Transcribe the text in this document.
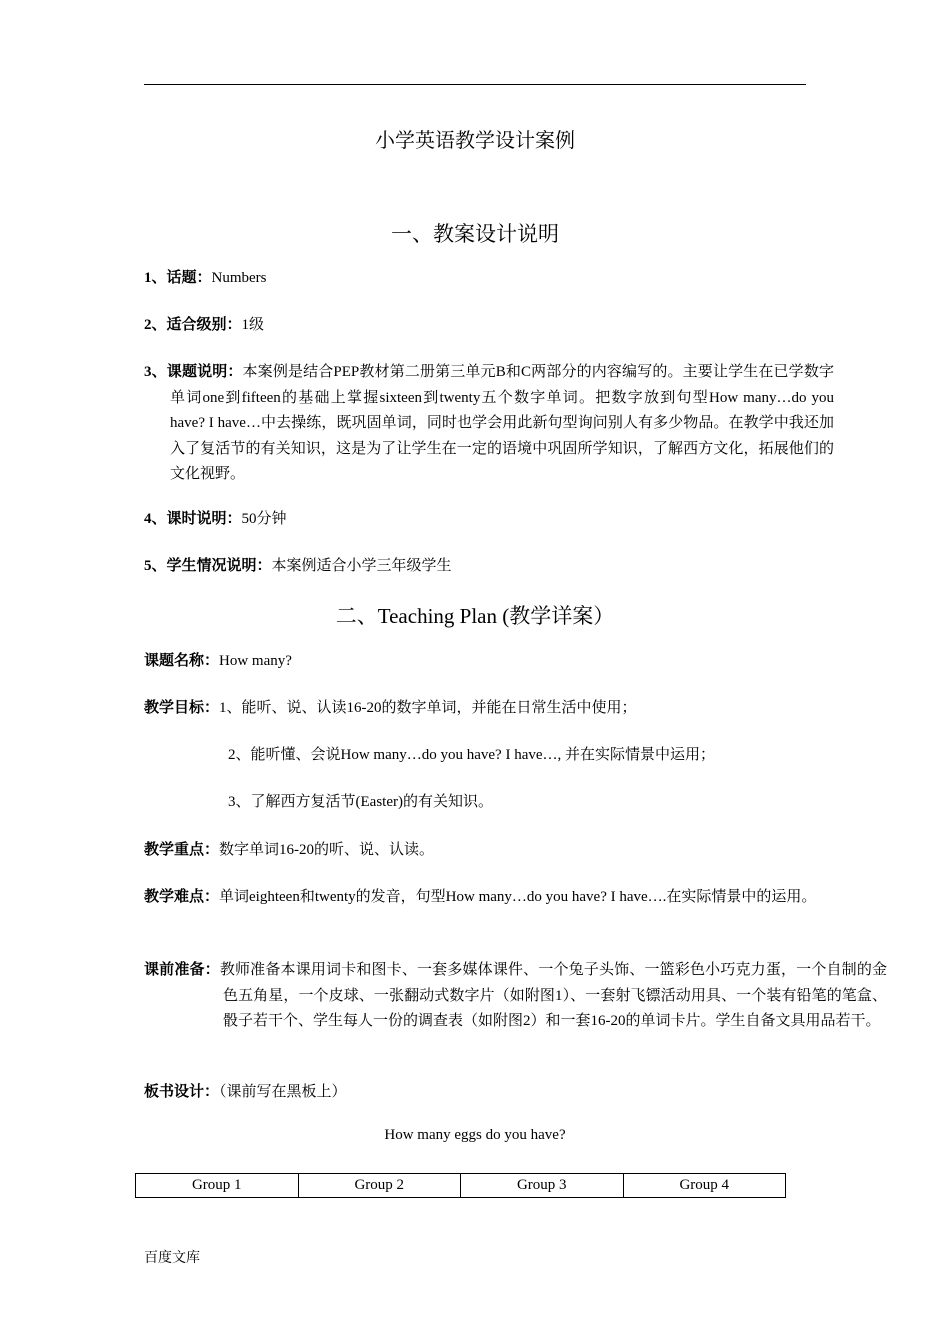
小学英语教学设计案例
一、教案设计说明
1、话题：Numbers
2、适合级别：1级
3、课题说明：本案例是结合PEP教材第二册第三单元B和C两部分的内容编写的。主要让学生在已学数字单词one到fifteen的基础上掌握sixteen到twenty五个数字单词。把数字放到句型How many…do you have? I have…中去操练，既巩固单词，同时也学会用此新句型询问别人有多少物品。在教学中我还加入了复活节的有关知识，这是为了让学生在一定的语境中巩固所学知识，了解西方文化，拓展他们的文化视野。
4、课时说明：50分钟
5、学生情况说明：本案例适合小学三年级学生
二、Teaching Plan (教学详案）
课题名称：How many?
教学目标：1、能听、说、认读16-20的数字单词，并能在日常生活中使用；
2、能听懂、会说How many…do you have? I have…, 并在实际情景中运用；
3、了解西方复活节(Easter)的有关知识。
教学重点：数字单词16-20的听、说、认读。
教学难点：单词eighteen和twenty的发音，句型How many…do you have? I have….在实际情景中的运用。
课前准备：教师准备本课用词卡和图卡、一套多媒体课件、一个兔子头饰、一篮彩色小巧克力蛋，一个自制的金色五角星，一个皮球、一张翻动式数字片（如附图1）、一套射飞镖活动用具、一个装有铅笔的笔盒、骰子若干个、学生每人一份的调查表（如附图2）和一套16-20的单词卡片。学生自备文具用品若干。
板书设计：（课前写在黑板上）
How many eggs do you have?
Group 1	Group 2	Group 3	Group 4
百度文库
